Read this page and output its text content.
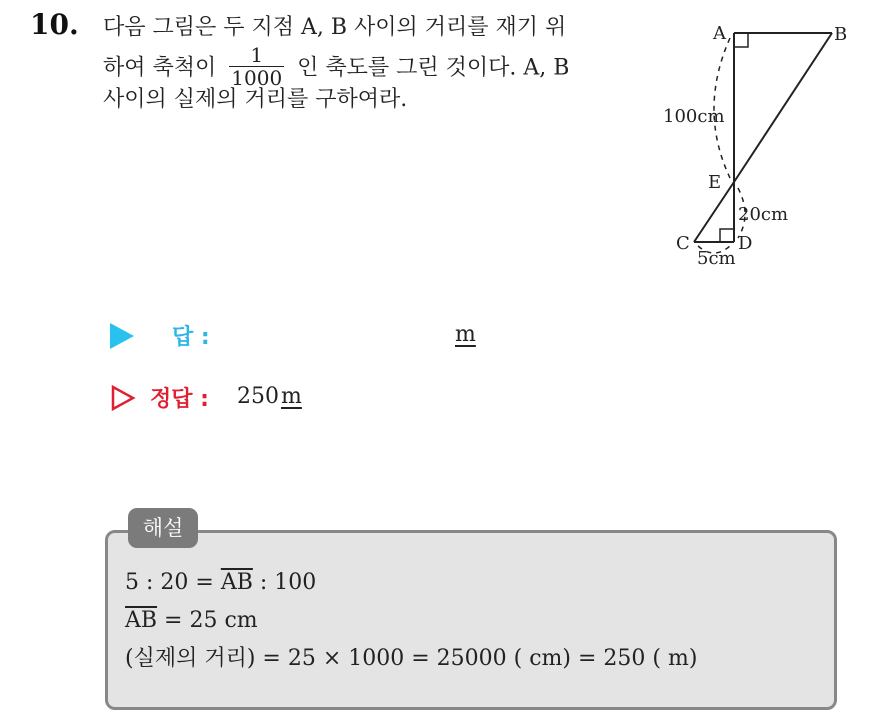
10. 다음 그림은 두 지점 A, B 사이의 거리를 재기 위
하여 축척이 $\frac{1}{1000}$ 인 축도를 그린 것이다. A, B
사이의 실제의 거리를 구하여라.
A	B
E
C	D
100cm
20cm
5cm
답 :	m
정답 : 250m
해설
5 : $20 = \overline{AB}$ : 100
$\overline{AB} = 25$ cm
(실제의 거리) = 25 × 1000 = 25000 ( cm) = 250 ( m)
